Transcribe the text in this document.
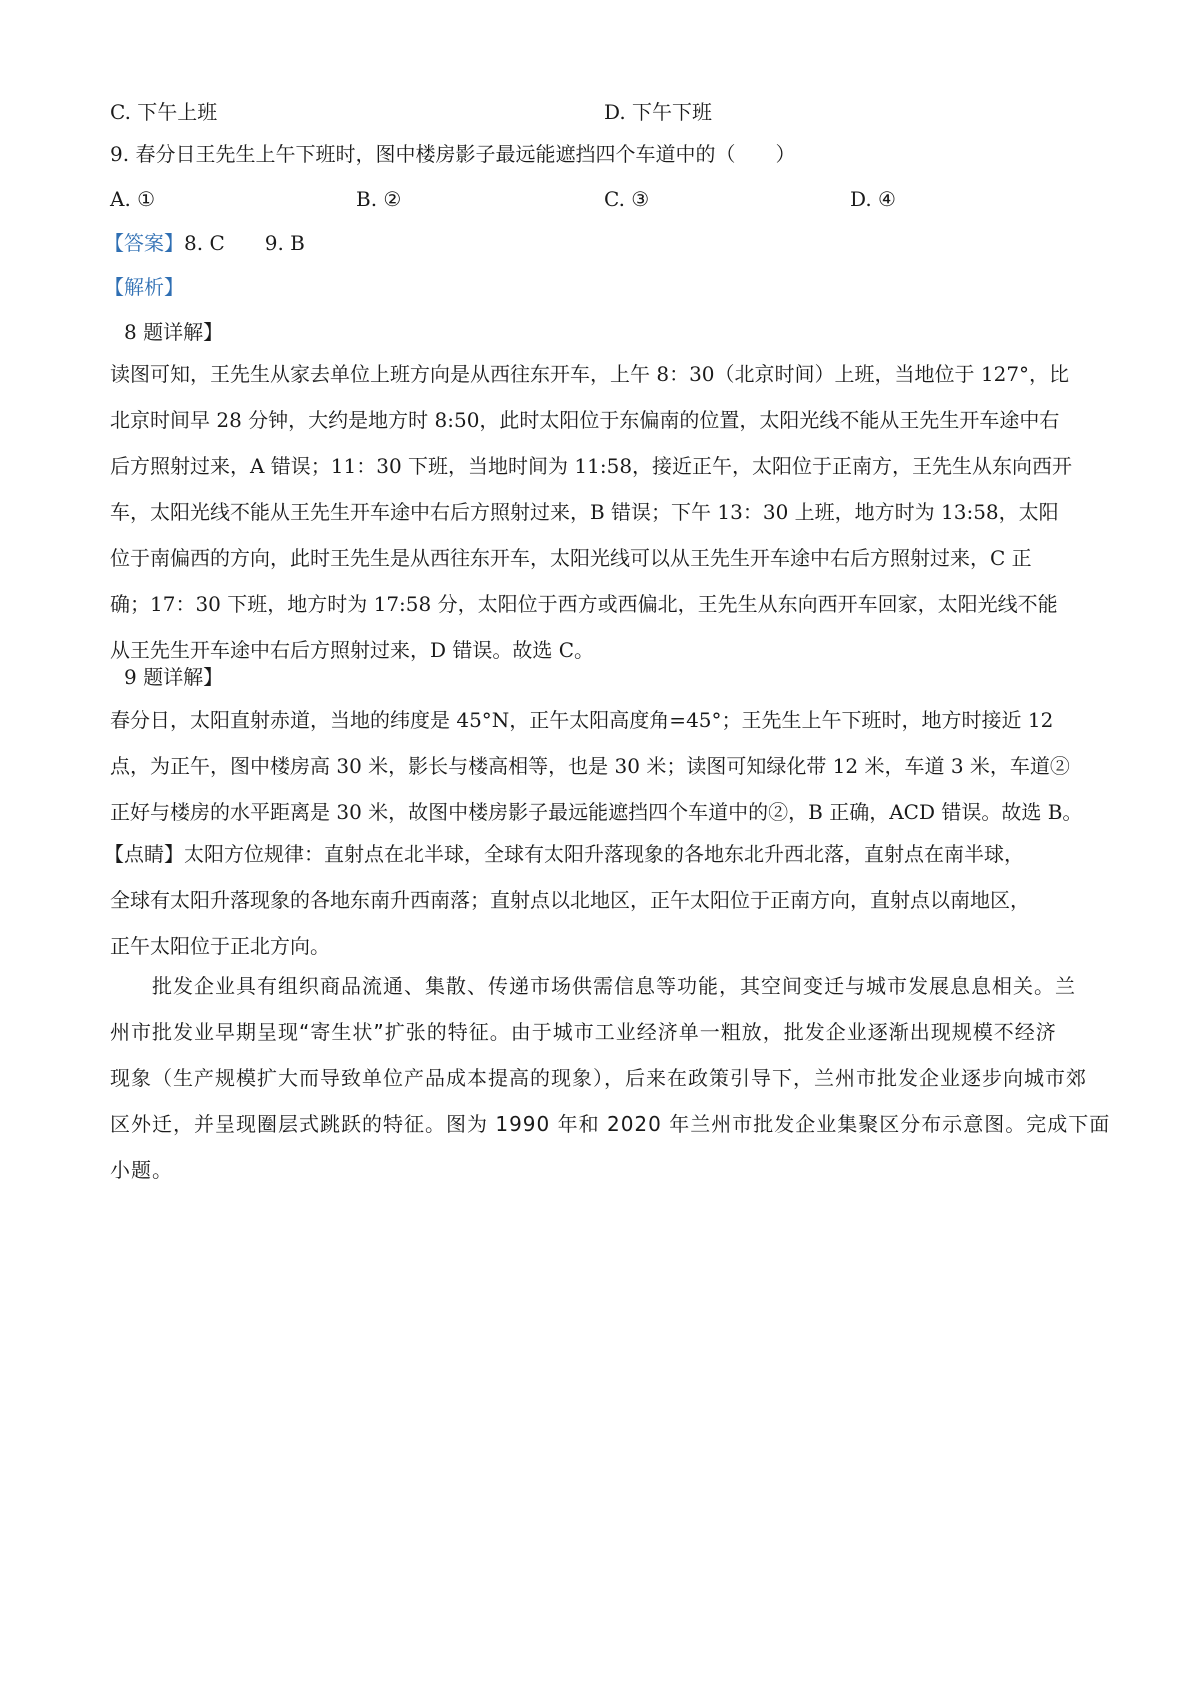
C. 下午上班	D. 下午下班
9. 春分日王先生上午下班时，图中楼房影子最远能遮挡四个车道中的（　　）
A. ①	B. ②	C. ③	D. ④
【答案】8. C　　9. B
【解析】
8 题详解】
读图可知，王先生从家去单位上班方向是从西往东开车，上午 8：30（北京时间）上班，当地位于 127°，比
北京时间早 28 分钟，大约是地方时 8:50，此时太阳位于东偏南的位置，太阳光线不能从王先生开车途中右
后方照射过来，A 错误；11：30 下班，当地时间为 11:58，接近正午，太阳位于正南方，王先生从东向西开
车，太阳光线不能从王先生开车途中右后方照射过来，B 错误；下午 13：30 上班，地方时为 13:58，太阳
位于南偏西的方向，此时王先生是从西往东开车，太阳光线可以从王先生开车途中右后方照射过来，C 正
确；17：30 下班，地方时为 17:58 分，太阳位于西方或西偏北，王先生从东向西开车回家，太阳光线不能
从王先生开车途中右后方照射过来，D 错误。故选 C。
9 题详解】
春分日，太阳直射赤道，当地的纬度是 45°N，正午太阳高度角=45°；王先生上午下班时，地方时接近 12
点，为正午，图中楼房高 30 米，影长与楼高相等，也是 30 米；读图可知绿化带 12 米，车道 3 米，车道②
正好与楼房的水平距离是 30 米，故图中楼房影子最远能遮挡四个车道中的②，B 正确，ACD 错误。故选 B。
【点睛】太阳方位规律：直射点在北半球，全球有太阳升落现象的各地东北升西北落，直射点在南半球，
全球有太阳升落现象的各地东南升西南落；直射点以北地区，正午太阳位于正南方向，直射点以南地区，
正午太阳位于正北方向。
　　批发企业具有组织商品流通、集散、传递市场供需信息等功能，其空间变迁与城市发展息息相关。兰
州市批发业早期呈现“寄生状”扩张的特征。由于城市工业经济单一粗放，批发企业逐渐出现规模不经济
现象（生产规模扩大而导致单位产品成本提高的现象），后来在政策引导下，兰州市批发企业逐步向城市郊
区外迁，并呈现圈层式跳跃的特征。图为 1990 年和 2020 年兰州市批发企业集聚区分布示意图。完成下面
小题。
